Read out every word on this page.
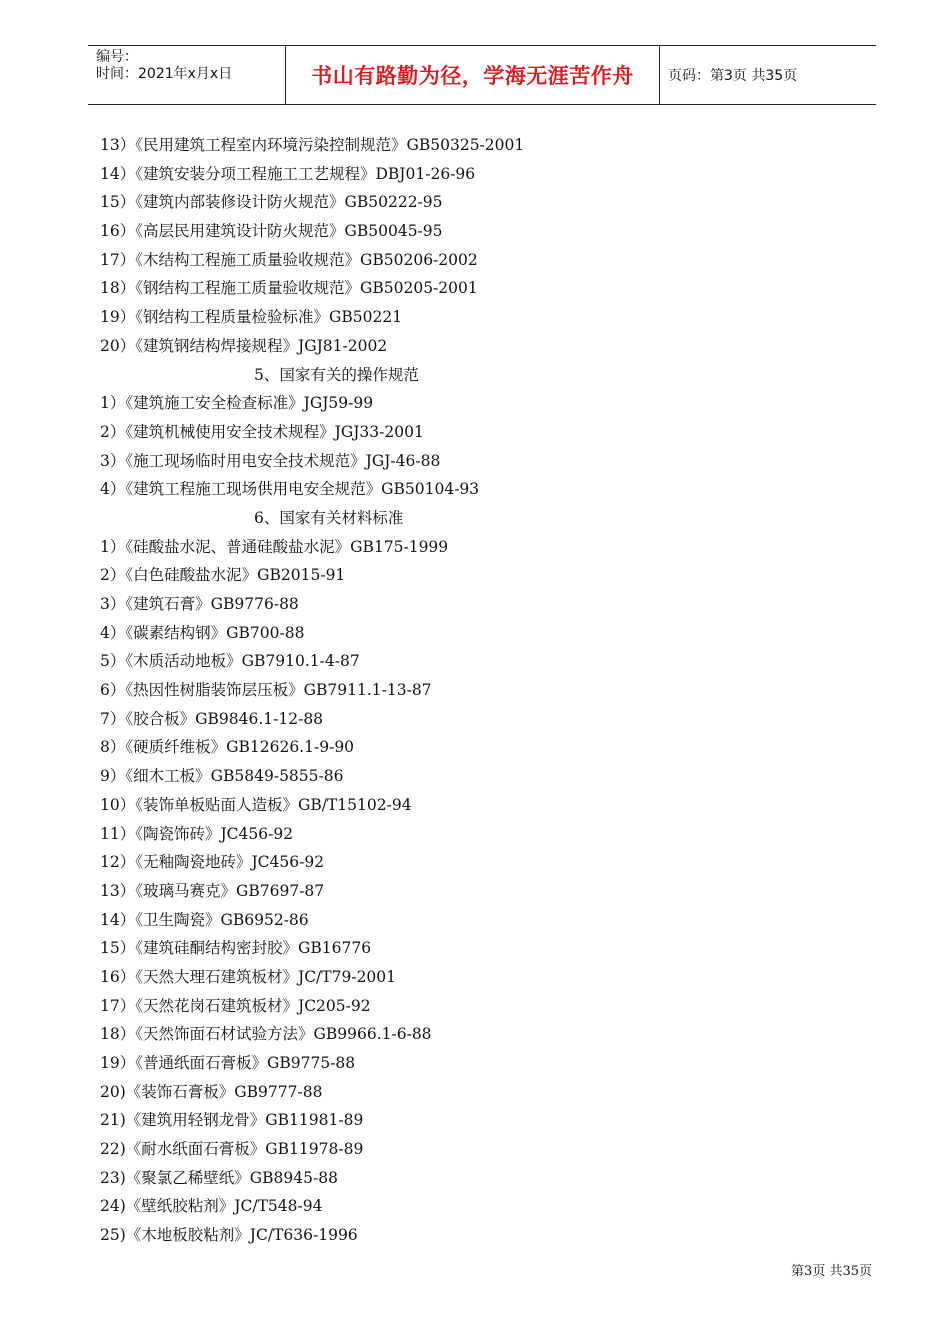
编号：
时间：2021年x月x日	书山有路勤为径，学海无涯苦作舟	页码：第3页 共35页
13）《民用建筑工程室内环境污染控制规范》GB50325-2001
14）《建筑安装分项工程施工工艺规程》DBJ01-26-96
15）《建筑内部装修设计防火规范》GB50222-95
16）《高层民用建筑设计防火规范》GB50045-95
17）《木结构工程施工质量验收规范》GB50206-2002
18）《钢结构工程施工质量验收规范》GB50205-2001
19）《钢结构工程质量检验标准》GB50221
20）《建筑钢结构焊接规程》JGJ81-2002
5、国家有关的操作规范
1）《建筑施工安全检查标准》JGJ59-99
2）《建筑机械使用安全技术规程》JGJ33-2001
3）《施工现场临时用电安全技术规范》JGJ-46-88
4）《建筑工程施工现场供用电安全规范》GB50104-93
6、国家有关材料标准
1）《硅酸盐水泥、普通硅酸盐水泥》GB175-1999
2）《白色硅酸盐水泥》GB2015-91
3）《建筑石膏》GB9776-88
4）《碳素结构钢》GB700-88
5）《木质活动地板》GB7910.1-4-87
6）《热因性树脂装饰层压板》GB7911.1-13-87
7）《胶合板》GB9846.1-12-88
8）《硬质纤维板》GB12626.1-9-90
9）《细木工板》GB5849-5855-86
10）《装饰单板贴面人造板》GB/T15102-94
11）《陶瓷饰砖》JC456-92
12）《无釉陶瓷地砖》JC456-92
13）《玻璃马赛克》GB7697-87
14）《卫生陶瓷》GB6952-86
15）《建筑硅酮结构密封胶》GB16776
16）《天然大理石建筑板材》JC/T79-2001
17）《天然花岗石建筑板材》JC205-92
18）《天然饰面石材试验方法》GB9966.1-6-88
19）《普通纸面石膏板》GB9775-88
20)《装饰石膏板》GB9777-88
21)《建筑用轻钢龙骨》GB11981-89
22)《耐水纸面石膏板》GB11978-89
23)《聚氯乙稀壁纸》GB8945-88
24)《壁纸胶粘剂》JC/T548-94
25)《木地板胶粘剂》JC/T636-1996
第3页 共35页
